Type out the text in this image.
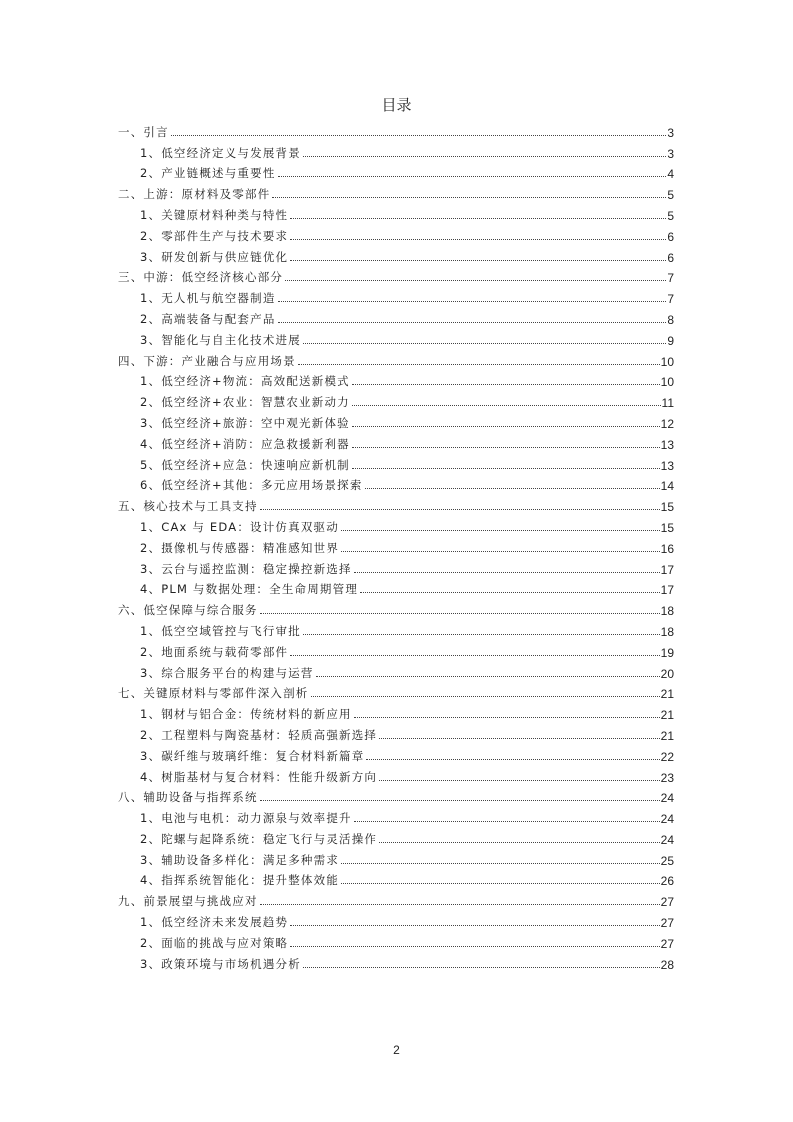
目录
一、引言	3
1、低空经济定义与发展背景	3
2、产业链概述与重要性	4
二、上游：原材料及零部件	5
1、关键原材料种类与特性	5
2、零部件生产与技术要求	6
3、研发创新与供应链优化	6
三、中游：低空经济核心部分	7
1、无人机与航空器制造	7
2、高端装备与配套产品	8
3、智能化与自主化技术进展	9
四、下游：产业融合与应用场景	10
1、低空经济+物流：高效配送新模式	10
2、低空经济+农业：智慧农业新动力	11
3、低空经济+旅游：空中观光新体验	12
4、低空经济+消防：应急救援新利器	13
5、低空经济+应急：快速响应新机制	13
6、低空经济+其他：多元应用场景探索	14
五、核心技术与工具支持	15
1、CAx 与 EDA：设计仿真双驱动	15
2、摄像机与传感器：精准感知世界	16
3、云台与遥控监测：稳定操控新选择	17
4、PLM 与数据处理：全生命周期管理	17
六、低空保障与综合服务	18
1、低空空域管控与飞行审批	18
2、地面系统与载荷零部件	19
3、综合服务平台的构建与运营	20
七、关键原材料与零部件深入剖析	21
1、钢材与铝合金：传统材料的新应用	21
2、工程塑料与陶瓷基材：轻质高强新选择	21
3、碳纤维与玻璃纤维：复合材料新篇章	22
4、树脂基材与复合材料：性能升级新方向	23
八、辅助设备与指挥系统	24
1、电池与电机：动力源泉与效率提升	24
2、陀螺与起降系统：稳定飞行与灵活操作	24
3、辅助设备多样化：满足多种需求	25
4、指挥系统智能化：提升整体效能	26
九、前景展望与挑战应对	27
1、低空经济未来发展趋势	27
2、面临的挑战与应对策略	27
3、政策环境与市场机遇分析	28
2
